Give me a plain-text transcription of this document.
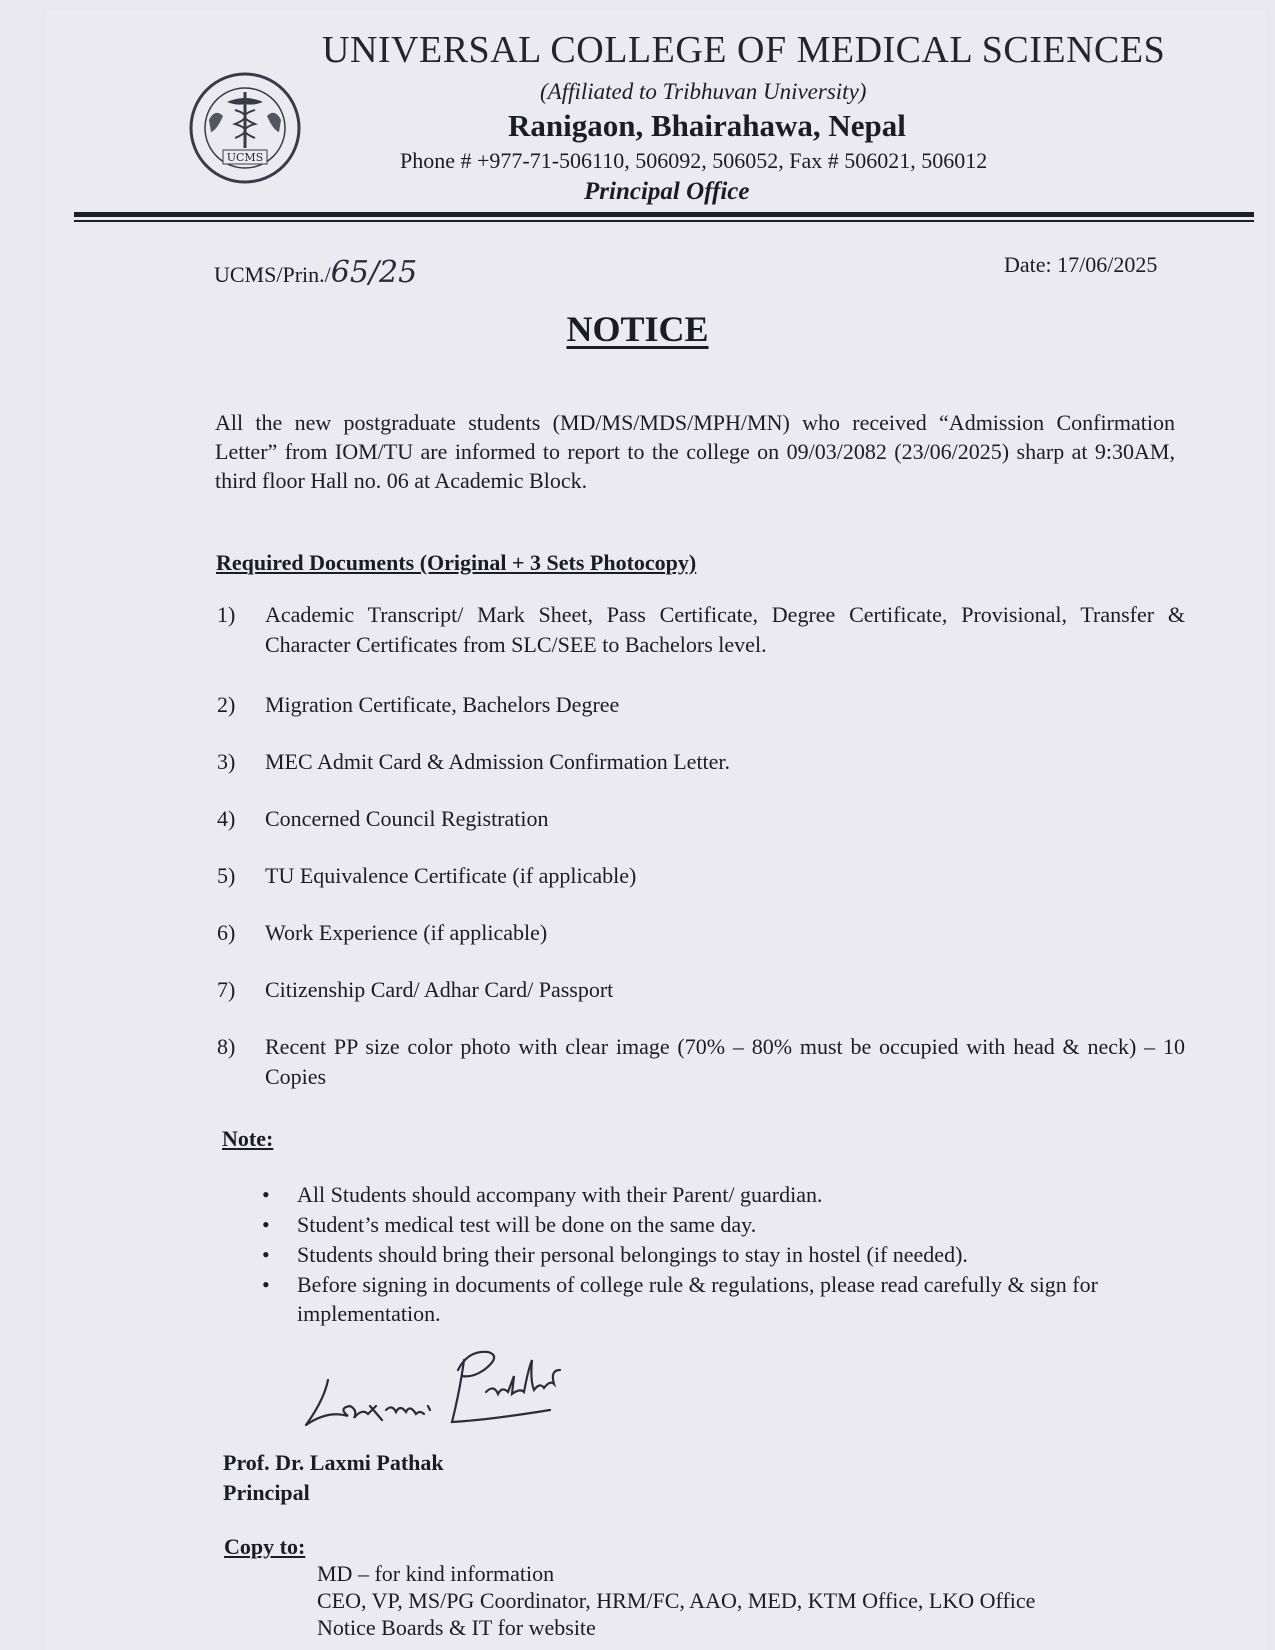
UCMS
UNIVERSAL COLLEGE OF MEDICAL SCIENCES
(Affiliated to Tribhuvan University)
Ranigaon, Bhairahawa, Nepal
Phone # +977-71-506110, 506092, 506052, Fax # 506021, 506012
Principal Office
UCMS/Prin./65/25	Date: 17/06/2025
NOTICE
All the new postgraduate students (MD/MS/MDS/MPH/MN) who received “Admission Confirmation Letter” from IOM/TU are informed to report to the college on 09/03/2082 (23/06/2025) sharp at 9:30AM, third floor Hall no. 06 at Academic Block.
Required Documents (Original + 3 Sets Photocopy)
1) Academic Transcript/ Mark Sheet, Pass Certificate, Degree Certificate, Provisional, Transfer & Character Certificates from SLC/SEE to Bachelors level.
2) Migration Certificate, Bachelors Degree
3) MEC Admit Card & Admission Confirmation Letter.
4) Concerned Council Registration
5) TU Equivalence Certificate (if applicable)
6) Work Experience (if applicable)
7) Citizenship Card/ Adhar Card/ Passport
8) Recent PP size color photo with clear image (70% – 80% must be occupied with head & neck) – 10 Copies
Note:
• All Students should accompany with their Parent/ guardian.
• Student’s medical test will be done on the same day.
• Students should bring their personal belongings to stay in hostel (if needed).
• Before signing in documents of college rule & regulations, please read carefully & sign for implementation.
Prof. Dr. Laxmi Pathak
Principal
Copy to:
MD – for kind information
CEO, VP, MS/PG Coordinator, HRM/FC, AAO, MED, KTM Office, LKO Office
Notice Boards & IT for website
